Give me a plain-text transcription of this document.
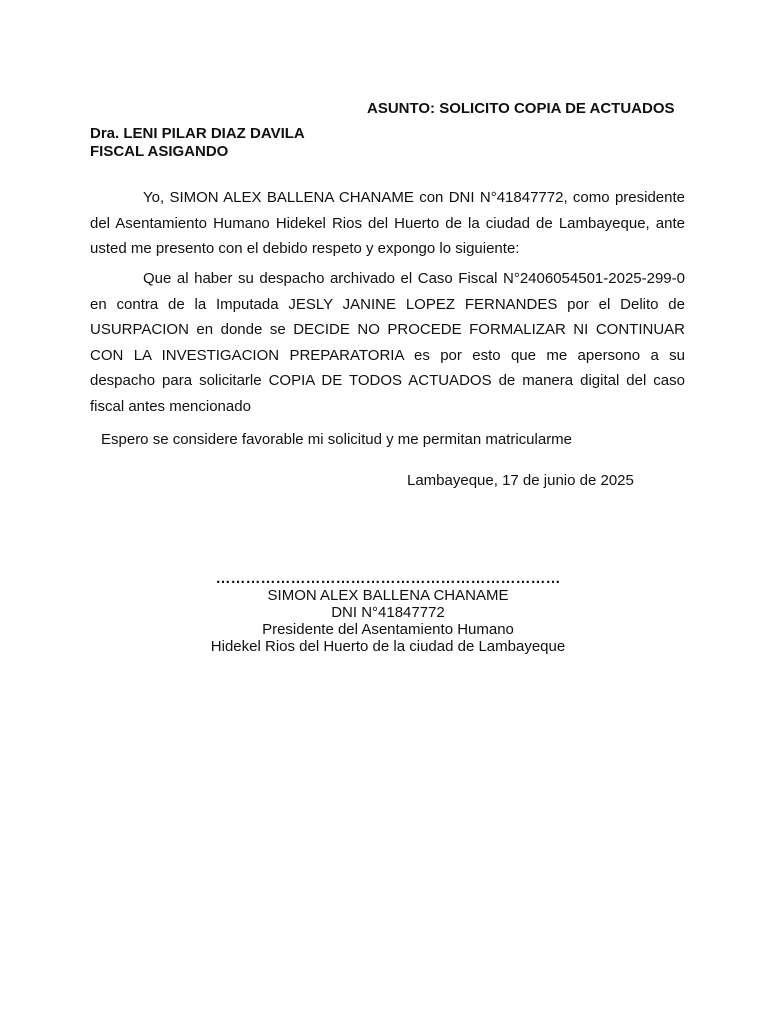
ASUNTO: SOLICITO COPIA DE ACTUADOS
Dra. LENI PILAR DIAZ DAVILA
FISCAL ASIGANDO

Yo, SIMON ALEX BALLENA CHANAME con DNI N°41847772, como presidente del Asentamiento Humano Hidekel Rios del Huerto de la ciudad de Lambayeque, ante usted me presento con el debido respeto y expongo lo siguiente:

Que al haber su despacho archivado el Caso Fiscal N°2406054501-2025-299-0 en contra de la Imputada JESLY JANINE LOPEZ FERNANDES por el Delito de USURPACION en donde se DECIDE NO PROCEDE FORMALIZAR NI CONTINUAR CON LA INVESTIGACION PREPARATORIA es por esto que me apersono a su despacho para solicitarle COPIA DE TODOS ACTUADOS de manera digital del caso fiscal antes mencionado

Espero se considere favorable mi solicitud y me permitan matricularme
Lambayeque, 17 de junio de 2025
……………………………………………………………
SIMON ALEX BALLENA CHANAME
DNI N°41847772
Presidente del Asentamiento Humano
Hidekel Rios del Huerto de la ciudad de Lambayeque
